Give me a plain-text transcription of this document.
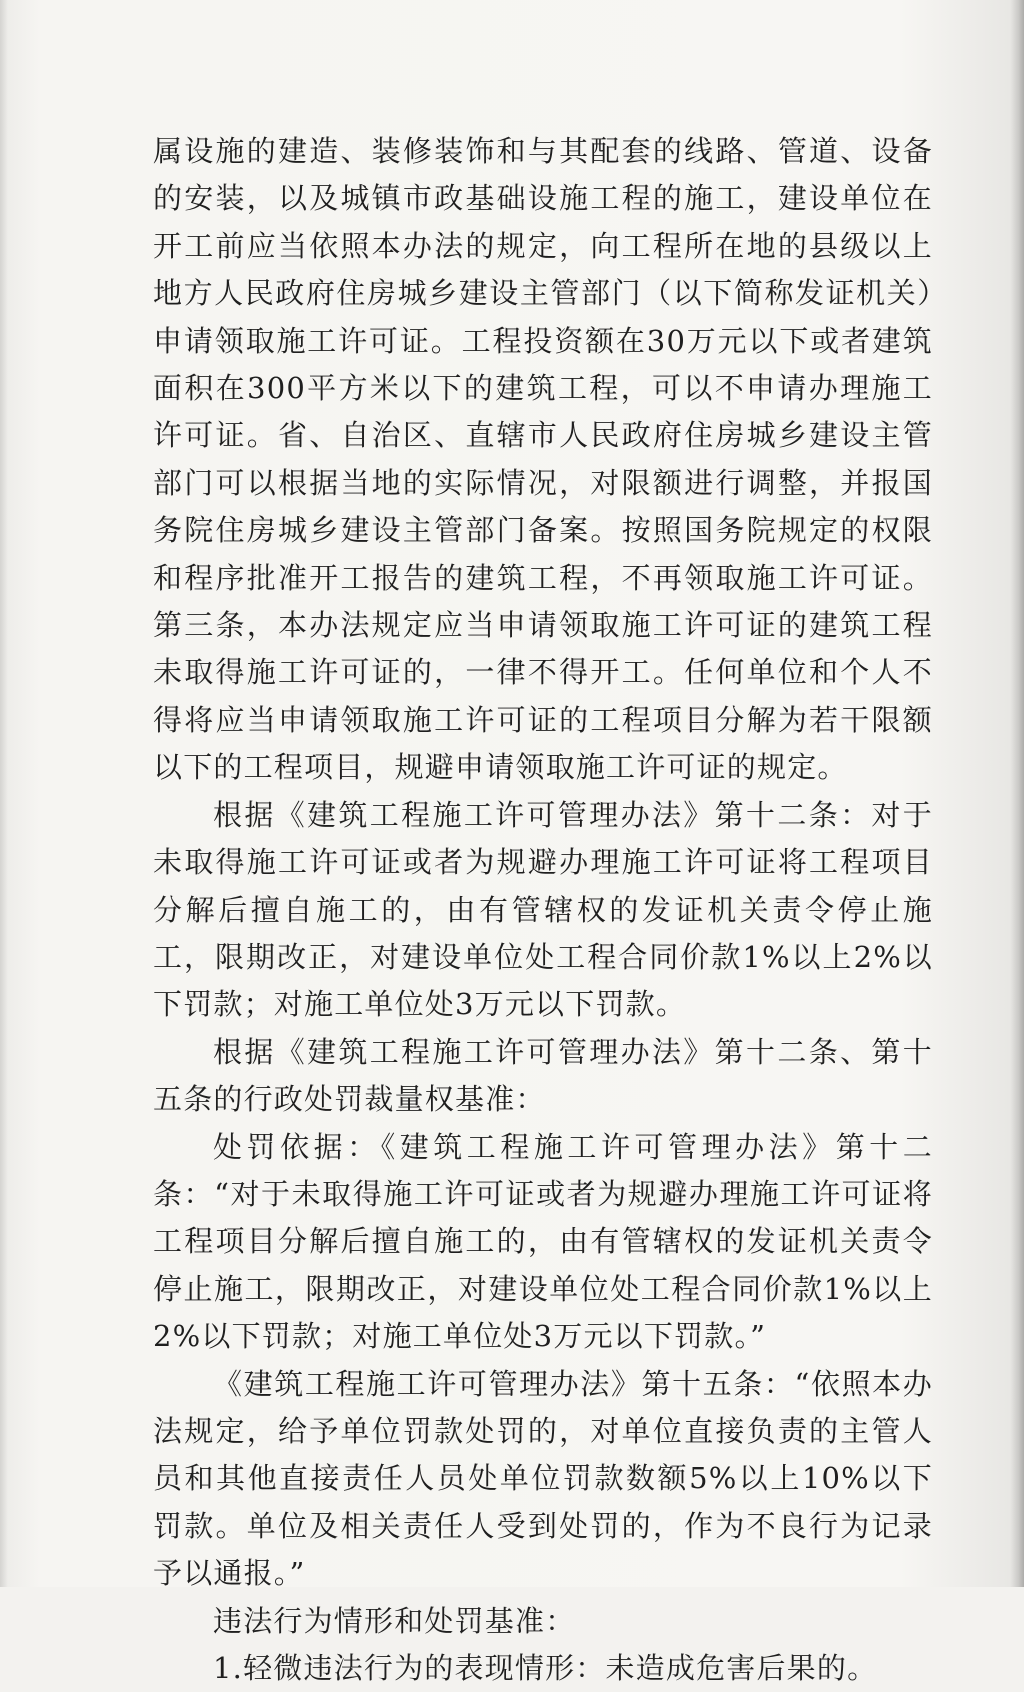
属设施的建造、装修装饰和与其配套的线路、管道、设备的安装，以及城镇市政基础设施工程的施工，建设单位在开工前应当依照本办法的规定，向工程所在地的县级以上地方人民政府住房城乡建设主管部门（以下简称发证机关）申请领取施工许可证。工程投资额在30万元以下或者建筑面积在300平方米以下的建筑工程，可以不申请办理施工许可证。省、自治区、直辖市人民政府住房城乡建设主管部门可以根据当地的实际情况，对限额进行调整，并报国务院住房城乡建设主管部门备案。按照国务院规定的权限和程序批准开工报告的建筑工程，不再领取施工许可证。第三条，本办法规定应当申请领取施工许可证的建筑工程未取得施工许可证的，一律不得开工。任何单位和个人不得将应当申请领取施工许可证的工程项目分解为若干限额以下的工程项目，规避申请领取施工许可证的规定。

根据《建筑工程施工许可管理办法》第十二条：对于未取得施工许可证或者为规避办理施工许可证将工程项目分解后擅自施工的，由有管辖权的发证机关责令停止施工，限期改正，对建设单位处工程合同价款1%以上2%以下罚款；对施工单位处3万元以下罚款。

根据《建筑工程施工许可管理办法》第十二条、第十五条的行政处罚裁量权基准：

处罚依据：《建筑工程施工许可管理办法》第十二条：“对于未取得施工许可证或者为规避办理施工许可证将工程项目分解后擅自施工的，由有管辖权的发证机关责令停止施工，限期改正，对建设单位处工程合同价款1%以上2%以下罚款；对施工单位处3万元以下罚款。”

《建筑工程施工许可管理办法》第十五条：“依照本办法规定，给予单位罚款处罚的，对单位直接负责的主管人员和其他直接责任人员处单位罚款数额5%以上10%以下罚款。单位及相关责任人受到处罚的，作为不良行为记录予以通报。”

违法行为情形和处罚基准：

1.轻微违法行为的表现情形：未造成危害后果的。
